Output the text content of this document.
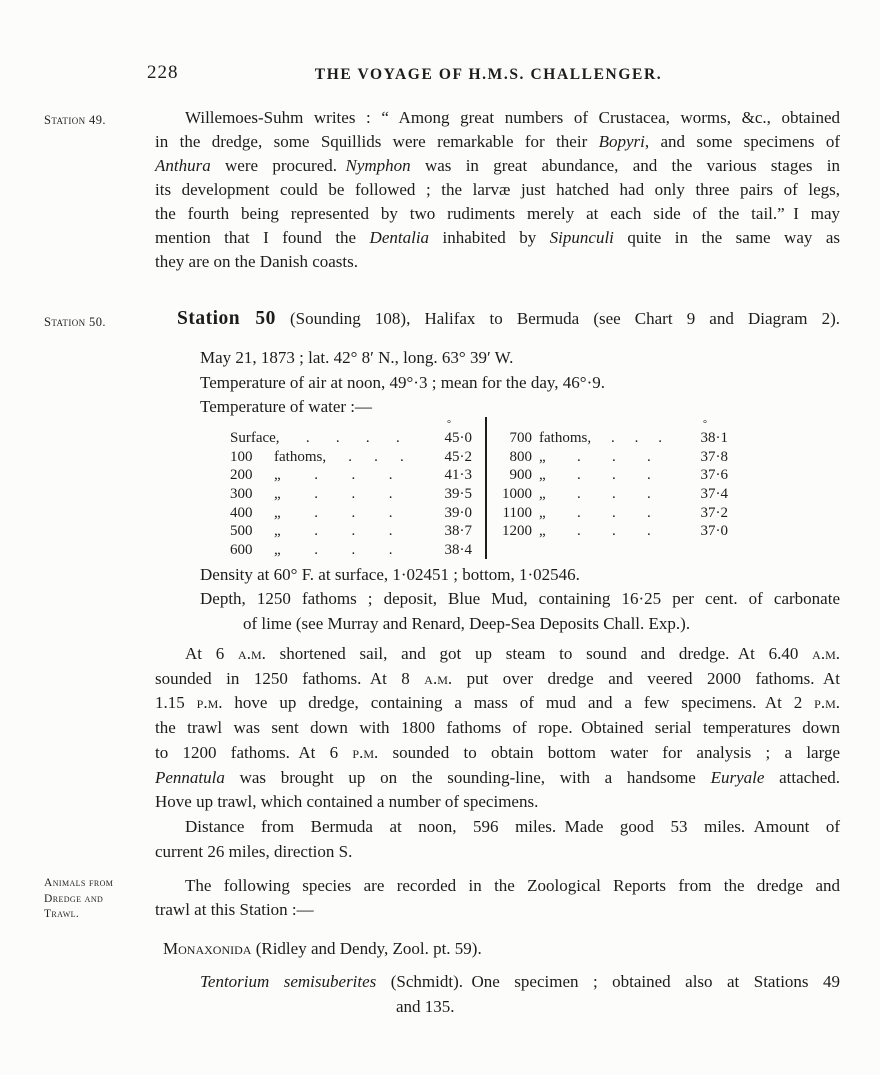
228	THE VOYAGE OF H.M.S. CHALLENGER.
Station 49.
Station 50.
Animals from
Dredge and
Trawl.
Willemoes-Suhm writes : “ Among great numbers of Crustacea, worms, &c., obtained
in the dredge, some Squillids were remarkable for their Bopyri, and some specimens of
Anthura were procured. Nymphon was in great abundance, and the various stages in
its development could be followed ; the larvæ just hatched had only three pairs of legs,
the fourth being represented by two rudiments merely at each side of the tail.” I may
mention that I found the Dentalia inhabited by Sipunculi quite in the same way as
they are on the Danish coasts.
Station 50 (Sounding 108), Halifax to Bermuda (see Chart 9 and Diagram 2).
May 21, 1873 ; lat. 42° 8′ N., long. 63° 39′ W.
Temperature of air at noon, 49°·3 ; mean for the day, 46°·9.
Temperature of water :—
°
Surface, . . . .	45·0
100	fathoms, . . .	45·2
200	„ . . .	41·3
300	„ . . .	39·5
400	„ . . .	39·0
500	„ . . .	38·7
600	„ . . .	38·4
°
700 fathoms, . . .	38·1
800 „ . . .	37·8
900 „ . . .	37·6
1000 „ . . .	37·4
1100 „ . . .	37·2
1200 „ . . .	37·0
Density at 60° F. at surface, 1·02451 ; bottom, 1·02546.
Depth, 1250 fathoms ; deposit, Blue Mud, containing 16·25 per cent. of carbonate
of lime (see Murray and Renard, Deep-Sea Deposits Chall. Exp.).
At 6 a.m. shortened sail, and got up steam to sound and dredge. At 6.40 a.m.
sounded in 1250 fathoms. At 8 a.m. put over dredge and veered 2000 fathoms. At
1.15 p.m. hove up dredge, containing a mass of mud and a few specimens. At 2 p.m.
the trawl was sent down with 1800 fathoms of rope. Obtained serial temperatures down
to 1200 fathoms. At 6 p.m. sounded to obtain bottom water for analysis ; a large
Pennatula was brought up on the sounding-line, with a handsome Euryale attached.
Hove up trawl, which contained a number of specimens.
Distance from Bermuda at noon, 596 miles. Made good 53 miles. Amount of
current 26 miles, direction S.
The following species are recorded in the Zoological Reports from the dredge and
trawl at this Station :—
Monaxonida (Ridley and Dendy, Zool. pt. 59).
Tentorium semisuberites (Schmidt). One specimen ; obtained also at Stations 49
and 135.
